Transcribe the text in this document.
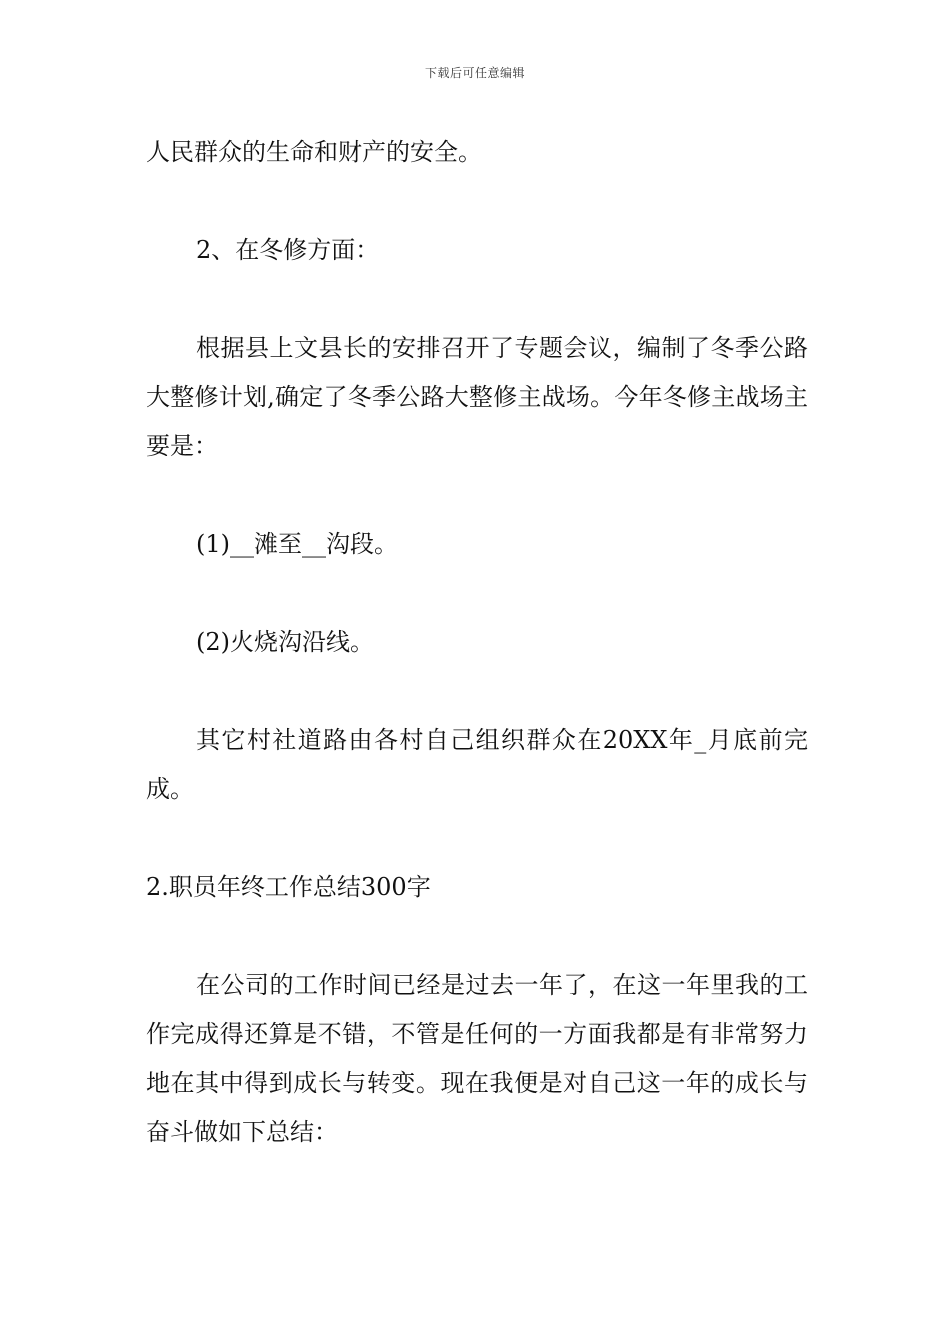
下载后可任意编辑

人民群众的生命和财产的安全。

2、在冬修方面：

根据县上文县长的安排召开了专题会议，编制了冬季公路大整修计划,确定了冬季公路大整修主战场。今年冬修主战场主要是：

(1)__滩至__沟段。

(2)火烧沟沿线。

其它村社道路由各村自己组织群众在20XX年_月底前完成。

2.职员年终工作总结300字

在公司的工作时间已经是过去一年了，在这一年里我的工作完成得还算是不错，不管是任何的一方面我都是有非常努力地在其中得到成长与转变。现在我便是对自己这一年的成长与奋斗做如下总结：
